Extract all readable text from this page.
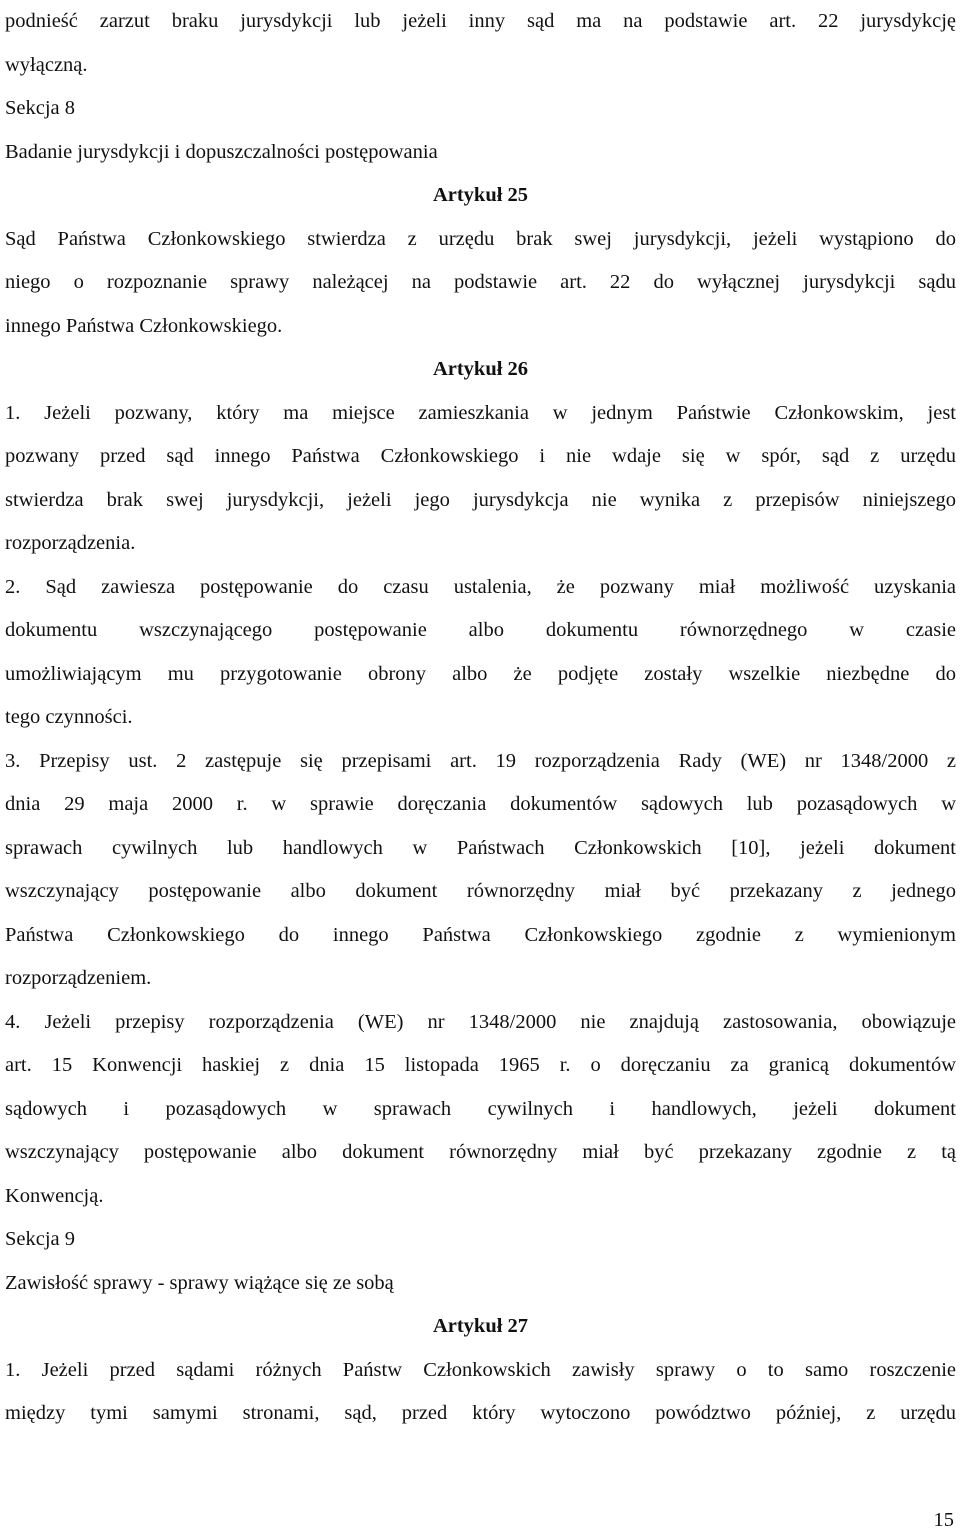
podnieść zarzut braku jurysdykcji lub jeżeli inny sąd ma na podstawie art. 22 jurysdykcję
wyłączną.

Sekcja 8

Badanie jurysdykcji i dopuszczalności postępowania

Artykuł 25

Sąd Państwa Członkowskiego stwierdza z urzędu brak swej jurysdykcji, jeżeli wystąpiono do
niego o rozpoznanie sprawy należącej na podstawie art. 22 do wyłącznej jurysdykcji sądu
innego Państwa Członkowskiego.

Artykuł 26

1. Jeżeli pozwany, który ma miejsce zamieszkania w jednym Państwie Członkowskim, jest
pozwany przed sąd innego Państwa Członkowskiego i nie wdaje się w spór, sąd z urzędu
stwierdza brak swej jurysdykcji, jeżeli jego jurysdykcja nie wynika z przepisów niniejszego
rozporządzenia.

2. Sąd zawiesza postępowanie do czasu ustalenia, że pozwany miał możliwość uzyskania
dokumentu wszczynającego postępowanie albo dokumentu równorzędnego w czasie
umożliwiającym mu przygotowanie obrony albo że podjęte zostały wszelkie niezbędne do
tego czynności.

3. Przepisy ust. 2 zastępuje się przepisami art. 19 rozporządzenia Rady (WE) nr 1348/2000 z
dnia 29 maja 2000 r. w sprawie doręczania dokumentów sądowych lub pozasądowych w
sprawach cywilnych lub handlowych w Państwach Członkowskich [10], jeżeli dokument
wszczynający postępowanie albo dokument równorzędny miał być przekazany z jednego
Państwa Członkowskiego do innego Państwa Członkowskiego zgodnie z wymienionym
rozporządzeniem.

4. Jeżeli przepisy rozporządzenia (WE) nr 1348/2000 nie znajdują zastosowania, obowiązuje
art. 15 Konwencji haskiej z dnia 15 listopada 1965 r. o doręczaniu za granicą dokumentów
sądowych i pozasądowych w sprawach cywilnych i handlowych, jeżeli dokument
wszczynający postępowanie albo dokument równorzędny miał być przekazany zgodnie z tą
Konwencją.

Sekcja 9

Zawisłość sprawy - sprawy wiążące się ze sobą

Artykuł 27

1. Jeżeli przed sądami różnych Państw Członkowskich zawisły sprawy o to samo roszczenie
między tymi samymi stronami, sąd, przed który wytoczono powództwo później, z urzędu

15
